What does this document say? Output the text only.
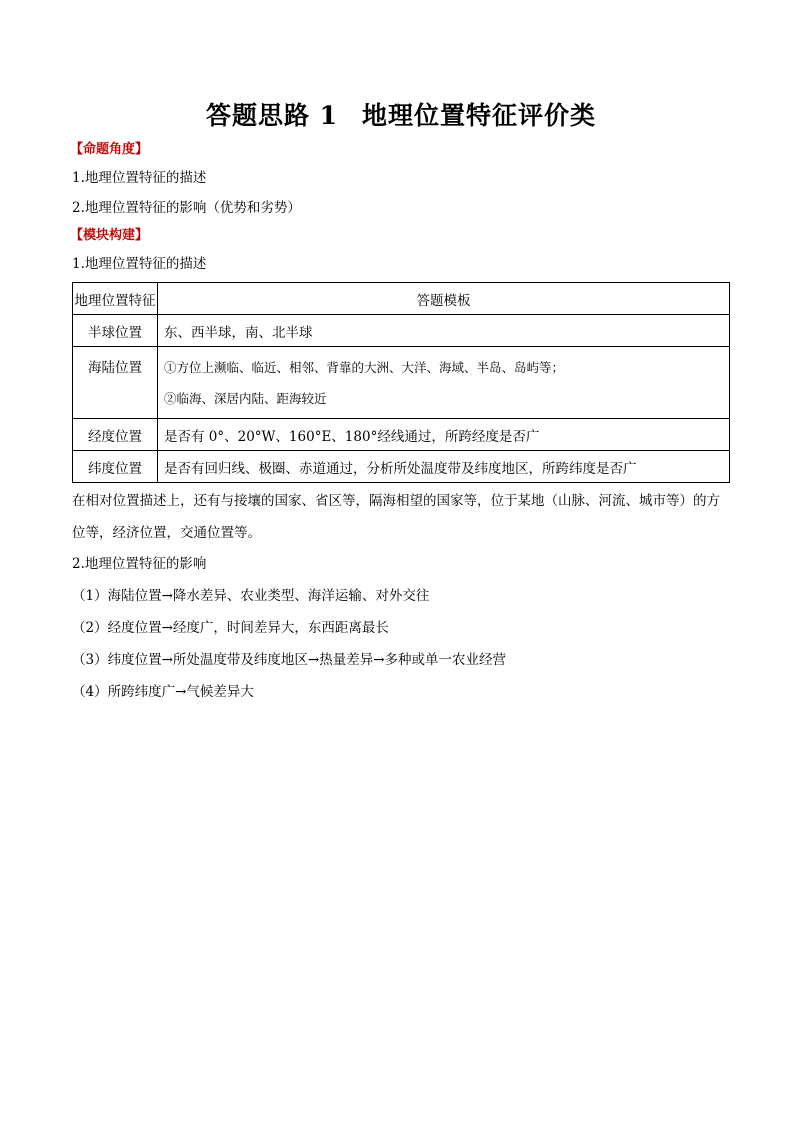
答题思路 1 地理位置特征评价类
【命题角度】
1.地理位置特征的描述
2.地理位置特征的影响（优势和劣势）
【模块构建】
1.地理位置特征的描述
地理位置特征	答题模板
半球位置	东、西半球，南、北半球
海陆位置	①方位上濒临、临近、相邻、背靠的大洲、大洋、海域、半岛、岛屿等；
②临海、深居内陆、距海较近

经度位置	是否有 0°、20°W、160°E、180°经线通过，所跨经度是否广
纬度位置	是否有回归线、极圈、赤道通过，分析所处温度带及纬度地区，所跨纬度是否广
在相对位置描述上，还有与接壤的国家、省区等，隔海相望的国家等，位于某地（山脉、河流、城市等）的方位等，经济位置，交通位置等。
2.地理位置特征的影响
（1）海陆位置→降水差异、农业类型、海洋运输、对外交往
（2）经度位置→经度广，时间差异大，东西距离最长
（3）纬度位置→所处温度带及纬度地区→热量差异→多种或单一农业经营
（4）所跨纬度广→气候差异大
